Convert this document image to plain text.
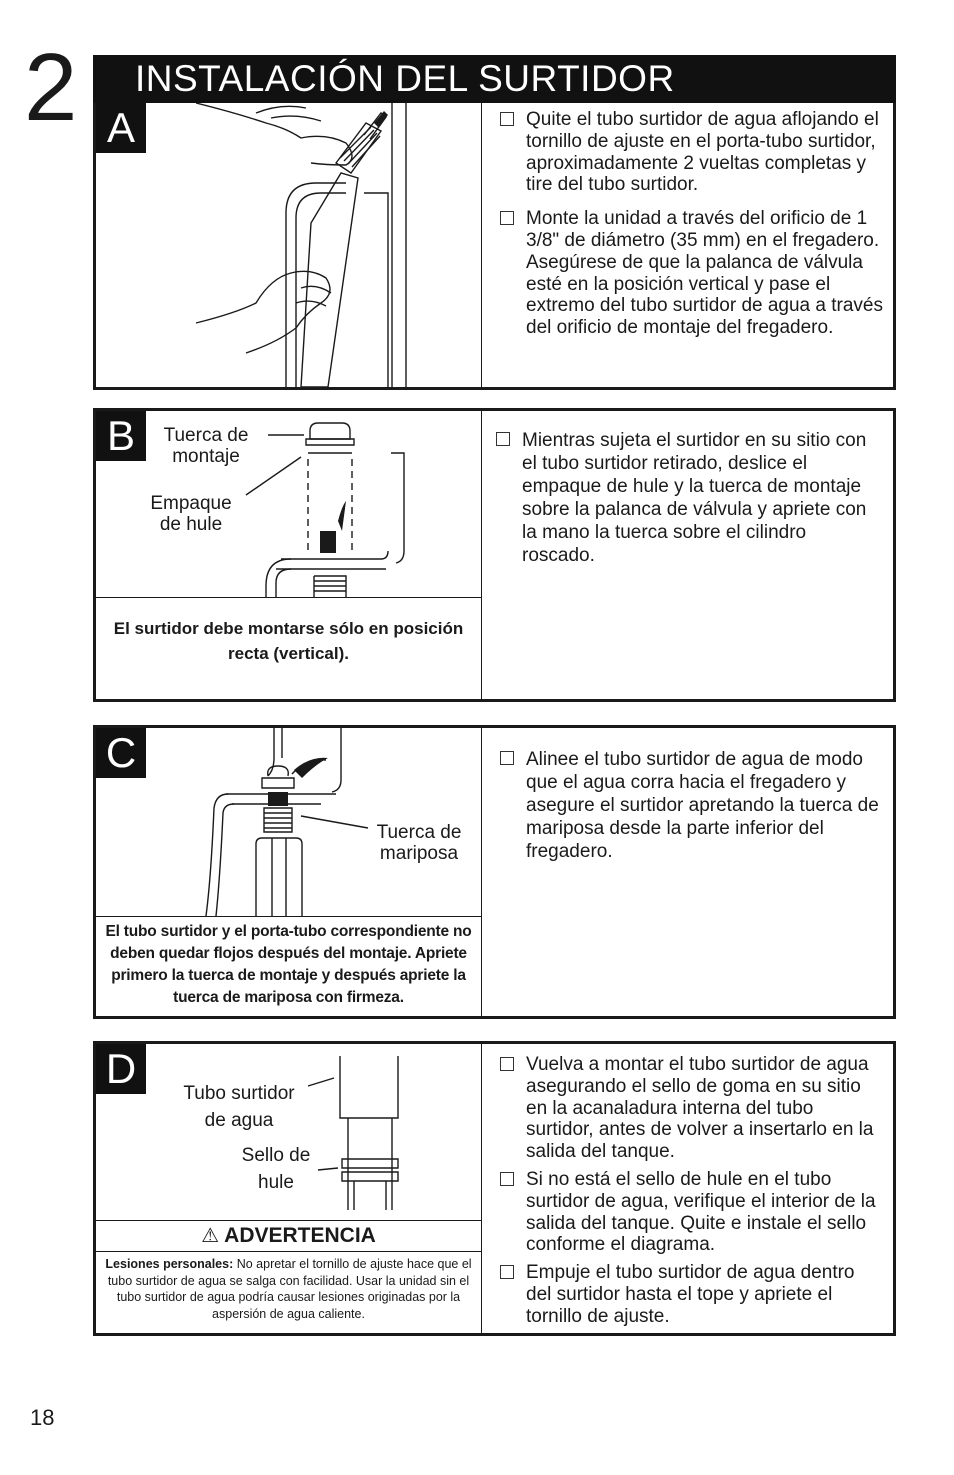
2	INSTALACIÓN DEL SURTIDOR
A	Quite el tubo surtidor de agua aflojando el tornillo de ajuste en el porta-tubo surtidor, aproximadamente 2 vueltas completas y tire del tubo surtidor.
Monte la unidad a través del orificio de 1 3/8" de diámetro (35 mm) en el fregadero. Asegúrese de que la palanca de válvula esté en la posición vertical y pase el extremo del tubo surtidor de agua a través del orificio de montaje del fregadero.
B	Tuerca de
montaje
Empaque
de hule
El surtidor debe montarse sólo en posición recta (vertical).
Mientras sujeta el surtidor en su sitio con el tubo surtidor retirado, deslice el empaque de hule y la tuerca de montaje sobre la palanca de válvula y apriete con la mano la tuerca sobre el cilindro roscado.
C
Tuerca de
mariposa
El tubo surtidor y el porta-tubo correspondiente no deben quedar flojos después del montaje. Apriete primero la tuerca de montaje y después apriete la tuerca de mariposa con firmeza.
Alinee el tubo surtidor de agua de modo que el agua corra hacia el fregadero y asegure el surtidor apretando la tuerca de mariposa desde la parte inferior del fregadero.
D
Tubo surtidor
de agua
Sello de
hule
⚠ ADVERTENCIA
Lesiones personales: No apretar el tornillo de ajuste hace que el tubo surtidor de agua se salga con facilidad. Usar la unidad sin el tubo surtidor de agua podría causar lesiones originadas por la aspersión de agua caliente.
Vuelva a montar el tubo surtidor de agua asegurando el sello de goma en su sitio en la acanaladura interna del tubo surtidor, antes de volver a insertarlo en la salida del tanque.
Si no está el sello de hule en el tubo surtidor de agua, verifique el interior de la salida del tanque. Quite e instale el sello conforme el diagrama.
Empuje el tubo surtidor de agua dentro del surtidor hasta el tope y apriete el tornillo de ajuste.
18
